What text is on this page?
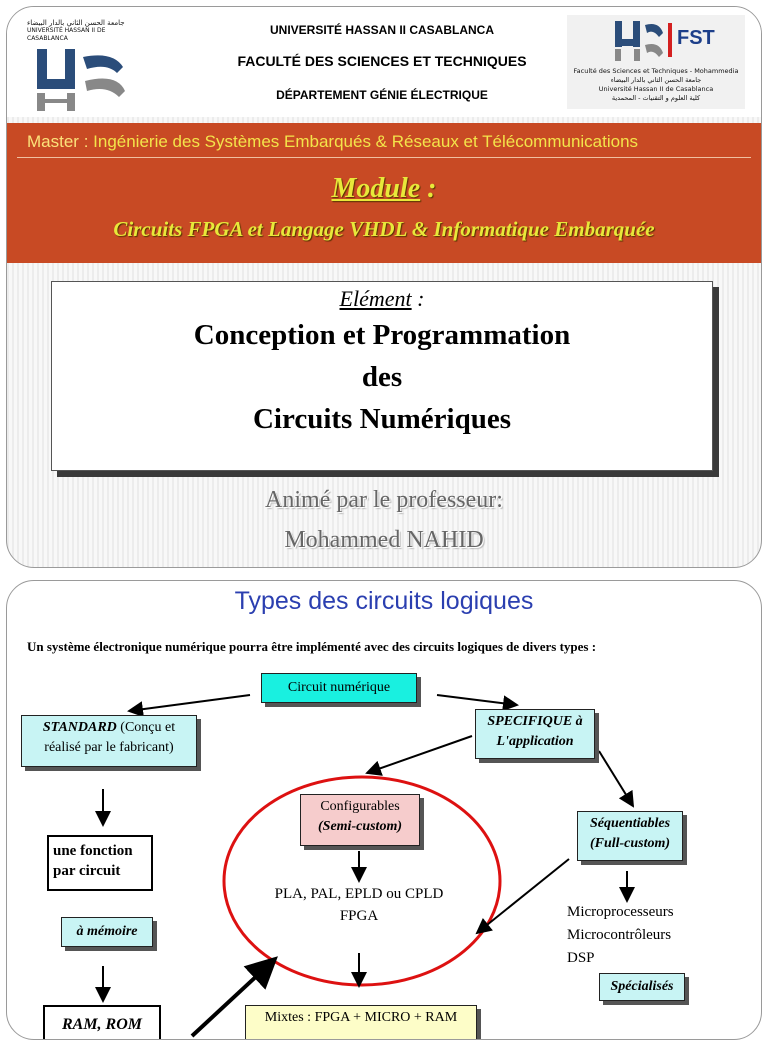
جامعة الحسن الثاني بالدار البيضاء
UNIVERSITÉ HASSAN II DE CASABLANCA
UNIVERSITÉ HASSAN II CASABLANCA
FACULTÉ DES SCIENCES ET TECHNIQUES
DÉPARTEMENT GÉNIE ÉLECTRIQUE
FST
Faculté des Sciences et Techniques - Mohammedia
جامعة الحسن الثاني بالدار البيضاء
Université Hassan II de Casablanca
كلية العلوم و التقنيات - المحمدية
Master : Ingénierie des Systèmes Embarqués & Réseaux et Télécommunications
Module :
Circuits FPGA et Langage VHDL & Informatique Embarquée
Elément :
Conception et Programmation
des
Circuits Numériques
Animé par le professeur:
Mohammed NAHID
Types des circuits logiques
Un système électronique numérique pourra être implémenté avec des circuits logiques de divers types :
Circuit numérique
STANDARD (Conçu et réalisé par le fabricant)
SPECIFIQUE à L'application
une fonction
par circuit
à mémoire
RAM, ROM
Configurables
(Semi-custom)
PLA, PAL, EPLD ou CPLD
FPGA
Séquentiables
(Full-custom)
Microprocesseurs
Microcontrôleurs
DSP
Spécialisés
Mixtes : FPGA + MICRO + RAM
